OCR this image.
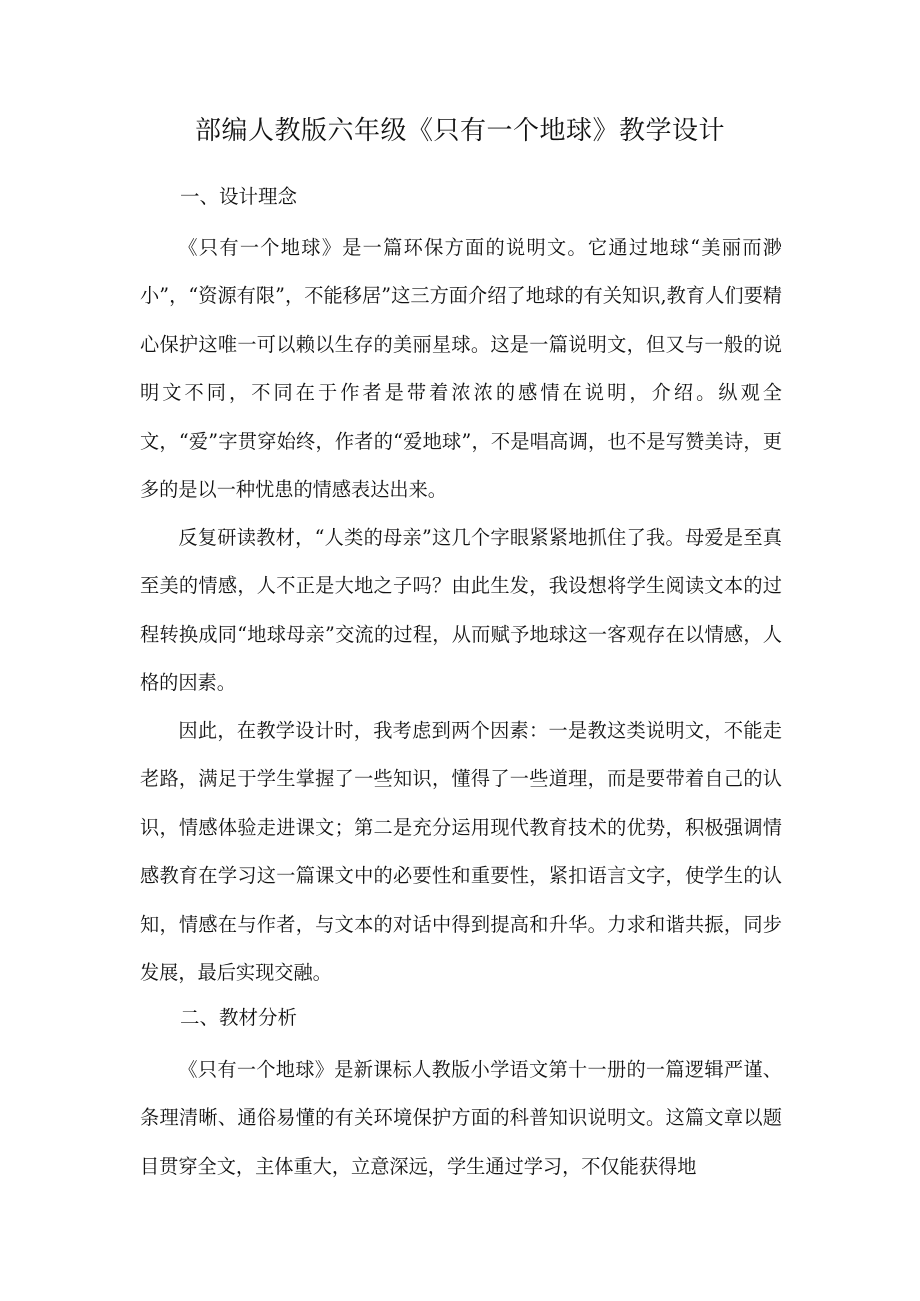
部编人教版六年级《只有一个地球》教学设计
一、设计理念

《只有一个地球》是一篇环保方面的说明文。它通过地球“美丽而渺小”，“资源有限”，不能移居”这三方面介绍了地球的有关知识,教育人们要精心保护这唯一可以赖以生存的美丽星球。这是一篇说明文，但又与一般的说明文不同，不同在于作者是带着浓浓的感情在说明，介绍。纵观全文，“爱”字贯穿始终，作者的“爱地球”，不是唱高调，也不是写赞美诗，更多的是以一种忧患的情感表达出来。

反复研读教材，“人类的母亲”这几个字眼紧紧地抓住了我。母爱是至真至美的情感，人不正是大地之子吗？由此生发，我设想将学生阅读文本的过程转换成同“地球母亲”交流的过程，从而赋予地球这一客观存在以情感，人格的因素。

因此，在教学设计时，我考虑到两个因素：一是教这类说明文，不能走老路，满足于学生掌握了一些知识，懂得了一些道理，而是要带着自己的认识，情感体验走进课文；第二是充分运用现代教育技术的优势，积极强调情感教育在学习这一篇课文中的必要性和重要性，紧扣语言文字，使学生的认知，情感在与作者，与文本的对话中得到提高和升华。力求和谐共振，同步发展，最后实现交融。

二、教材分析

《只有一个地球》是新课标人教版小学语文第十一册的一篇逻辑严谨、条理清晰、通俗易懂的有关环境保护方面的科普知识说明文。这篇文章以题目贯穿全文，主体重大，立意深远，学生通过学习，不仅能获得地
